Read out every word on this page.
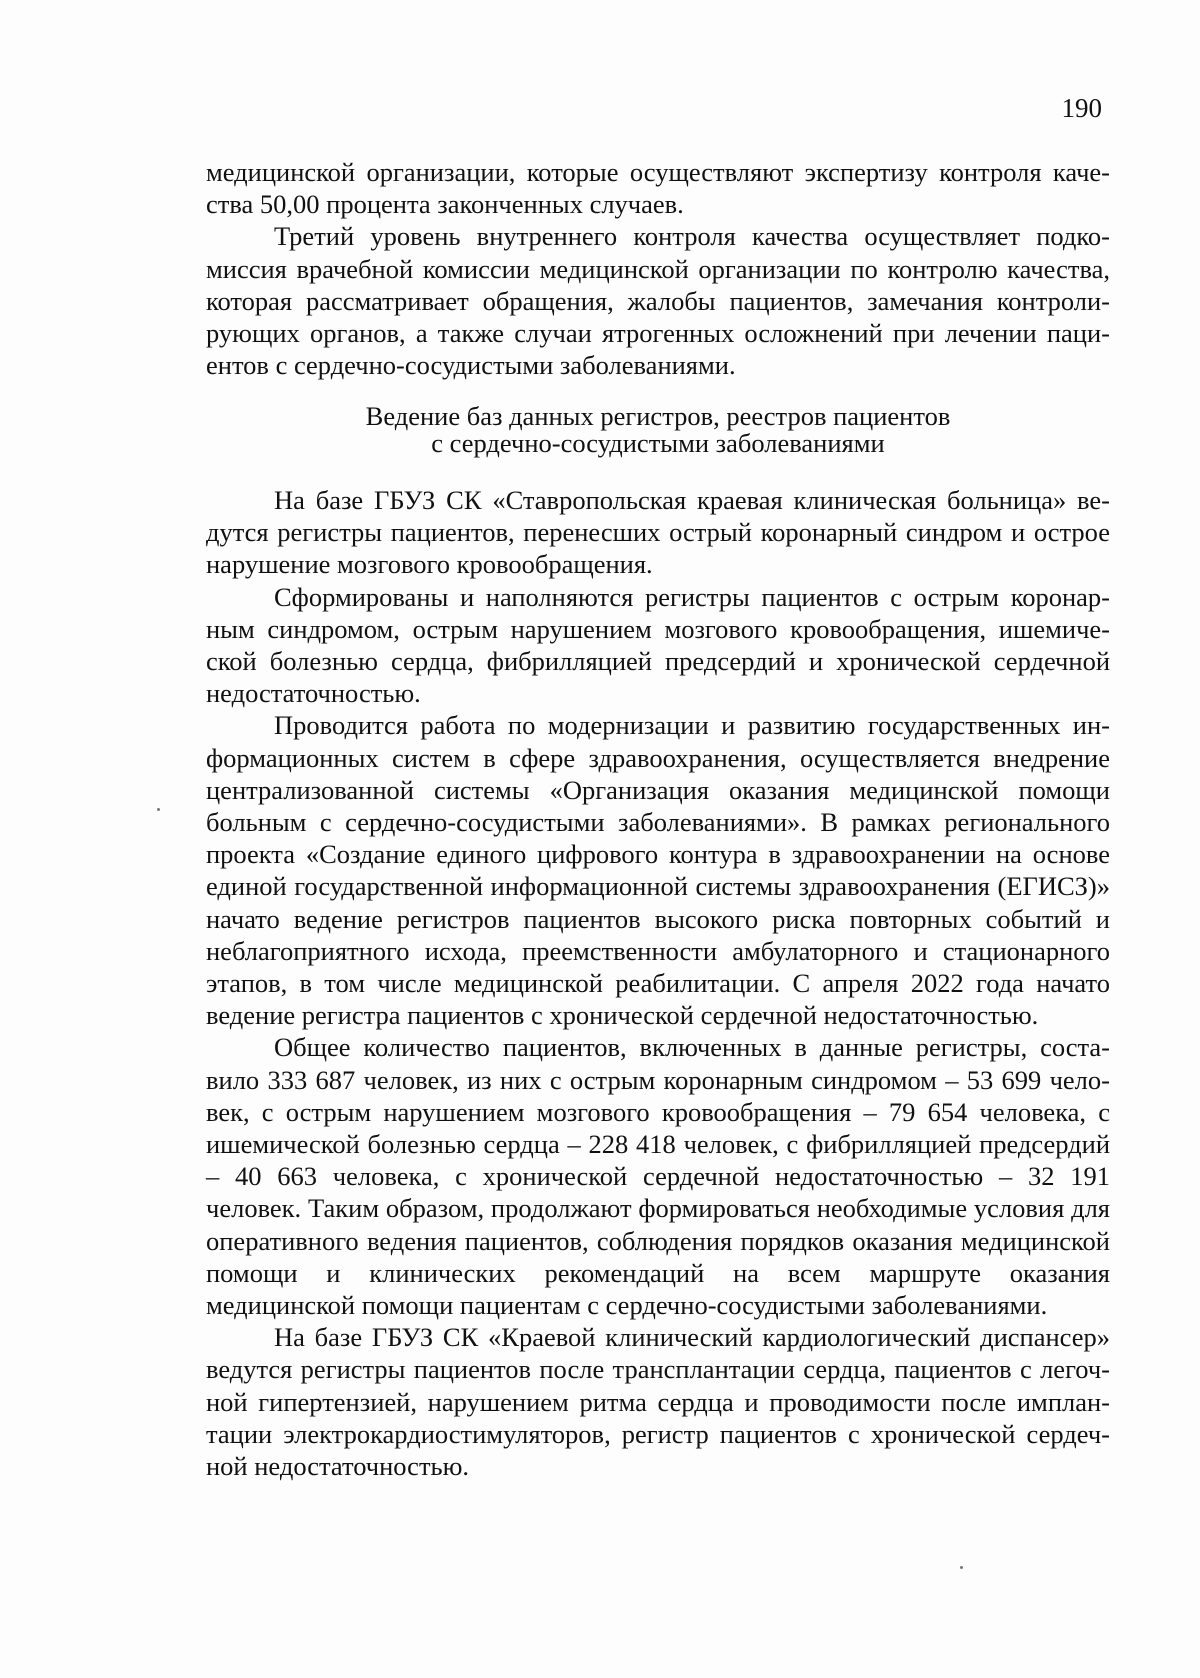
190

медицинской организации, которые осуществляют экспертизу контроля качества 50,00 процента законченных случаев.

Третий уровень внутреннего контроля качества осуществляет подкомиссия врачебной комиссии медицинской организации по контролю качества, которая рассматривает обращения, жалобы пациентов, замечания контролирующих органов, а также случаи ятрогенных осложнений при лечении пациентов с сердечно-сосудистыми заболеваниями.

Ведение баз данных регистров, реестров пациентов
с сердечно-сосудистыми заболеваниями

На базе ГБУЗ СК «Ставропольская краевая клиническая больница» ведутся регистры пациентов, перенесших острый коронарный синдром и острое нарушение мозгового кровообращения.

Сформированы и наполняются регистры пациентов с острым коронарным синдромом, острым нарушением мозгового кровообращения, ишемической болезнью сердца, фибрилляцией предсердий и хронической сердечной недостаточностью.

Проводится работа по модернизации и развитию государственных информационных систем в сфере здравоохранения, осуществляется внедрение централизованной системы «Организация оказания медицинской помощи больным с сердечно-сосудистыми заболеваниями». В рамках регионального проекта «Создание единого цифрового контура в здравоохранении на основе единой государственной информационной системы здравоохранения (ЕГИСЗ)» начато ведение регистров пациентов высокого риска повторных событий и неблагоприятного исхода, преемственности амбулаторного и стационарного этапов, в том числе медицинской реабилитации. С апреля 2022 года начато ведение регистра пациентов с хронической сердечной недостаточностью.

Общее количество пациентов, включенных в данные регистры, составило 333 687 человек, из них с острым коронарным синдромом – 53 699 человек, с острым нарушением мозгового кровообращения – 79 654 человека, с ишемической болезнью сердца – 228 418 человек, с фибрилляцией предсердий – 40 663 человека, с хронической сердечной недостаточностью – 32 191 человек. Таким образом, продолжают формироваться необходимые условия для оперативного ведения пациентов, соблюдения порядков оказания медицинской помощи и клинических рекомендаций на всем маршруте оказания медицинской помощи пациентам с сердечно-сосудистыми заболеваниями.

На базе ГБУЗ СК «Краевой клинический кардиологический диспансер» ведутся регистры пациентов после трансплантации сердца, пациентов с легочной гипертензией, нарушением ритма сердца и проводимости после имплантации электрокардиостимуляторов, регистр пациентов с хронической сердечной недостаточностью.
